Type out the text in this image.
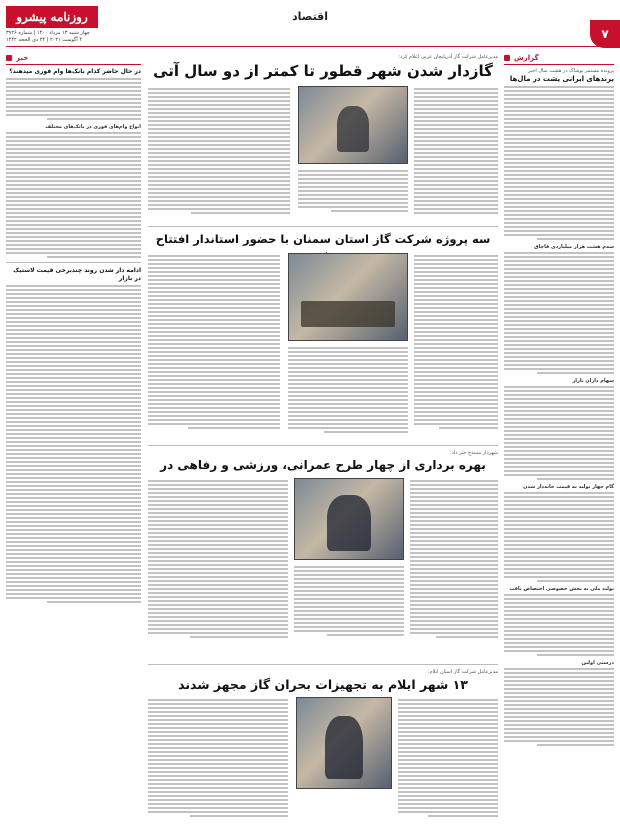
روزنامه پیشرو
چهار شنبه ۱۳ مرداد ۱۴۰۰ | شماره ۳۹۲۶
۴ آگوست ۲۰۲۱ | ۲۴ ذی الحجه ۱۴۴۲
اقتصاد
۷
خبر
در حال حاضر کدام بانک‌ها وام فوری میدهند؟
انواع وام‌های فوری در بانک‌های مختلف
ادامه دار شدن روند چندبرخی قیمت لاستیک در بازار
گزارش
پرونده مستمر پوشاک در هشت سال اخیر
برندهای ایرانی پشت در مال‌ها
سه‌م هشت هزار میلیاردی قاچاق
سهام داران بازار
گام چهار تولید به قیمت خانه‌دار شدن
تولید ملی به بخش خصوصی اختصاص یافت
درستی اولین
مدیرعامل شرکت گاز آذربایجان غربی اعلام کرد:
گازدار شدن شهر قطور تا کمتر از دو سال آتی
سه پروژه شرکت گاز استان سمنان با حضور استاندار افتتاح
شهردار سنندج خبر داد:
بهره برداری از چهار طرح عمرانی، ورزشی و رفاهی در
مدیرعامل شرکت گاز استان ایلام:
۱۳ شهر ایلام به تجهیزات بحران گاز مجهز شدند
